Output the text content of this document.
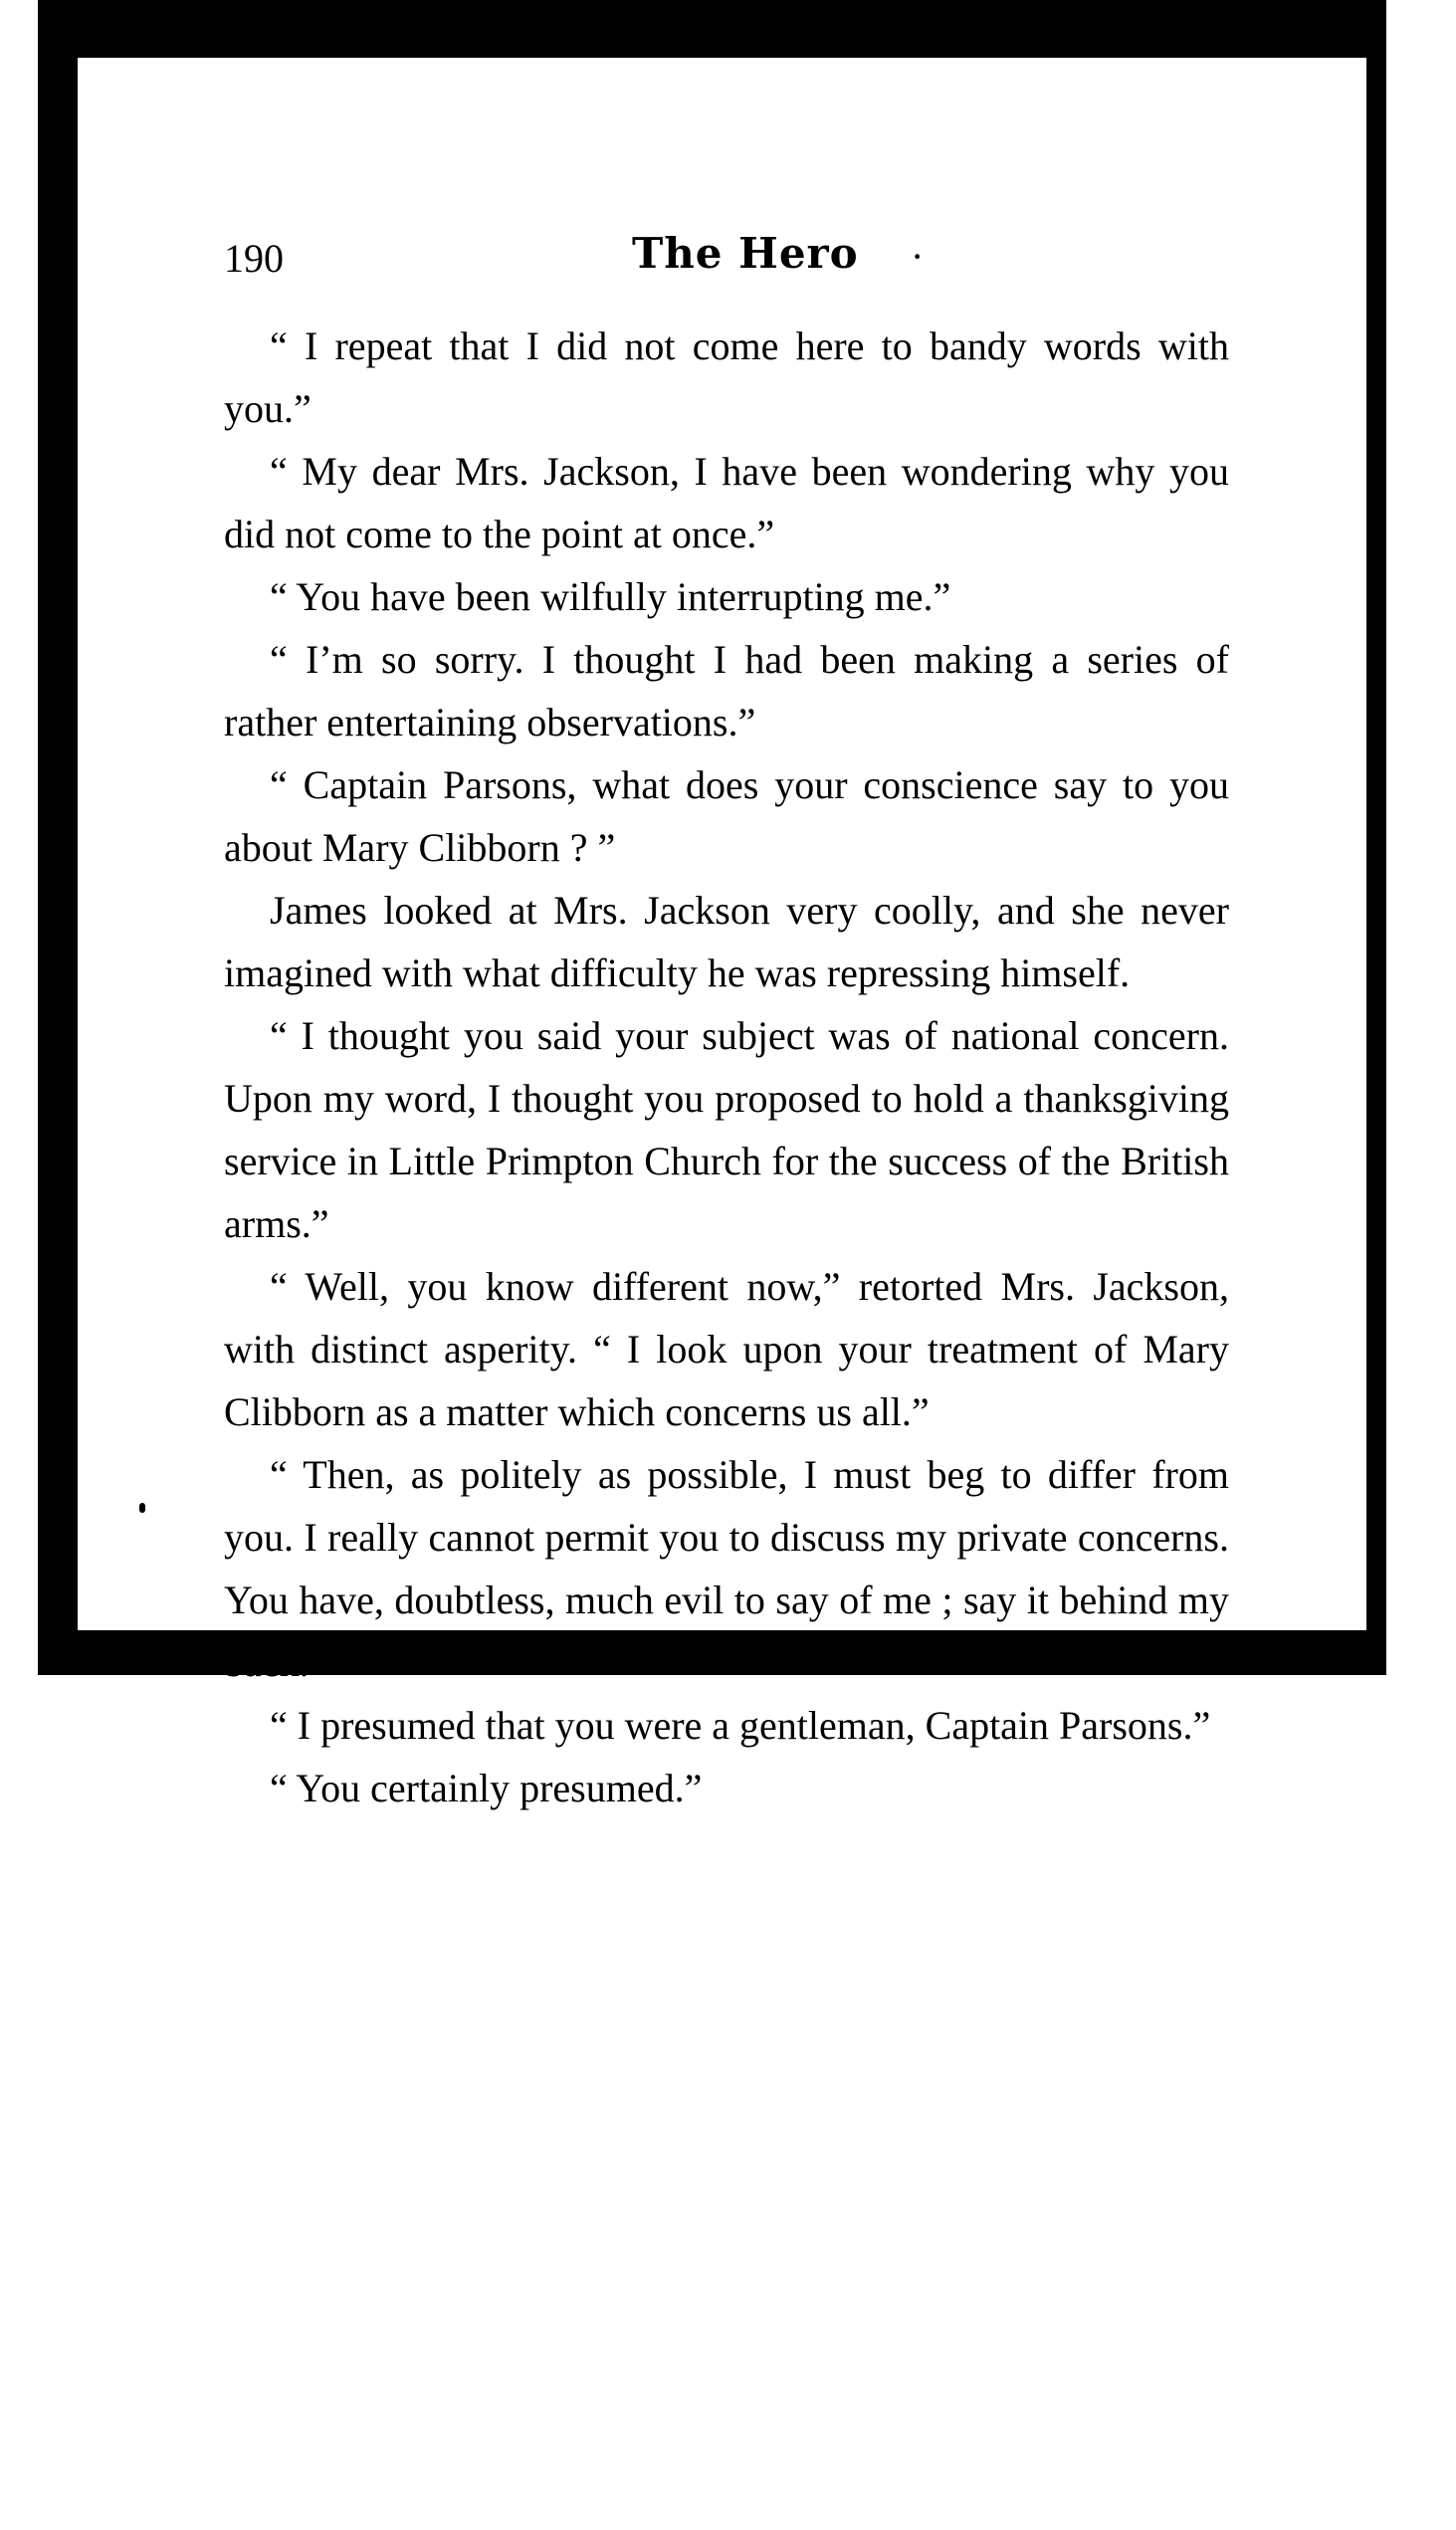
190	The Hero ·

“ I repeat that I did not come here to bandy words with you.”

“ My dear Mrs. Jackson, I have been wondering why you did not come to the point at once.”

“ You have been wilfully interrupting me.”

“ I’m so sorry. I thought I had been making a series of rather entertaining observations.”

“ Captain Parsons, what does your conscience say to you about Mary Clibborn ? ”

James looked at Mrs. Jackson very coolly, and she never imagined with what difficulty he was repressing himself.

“ I thought you said your subject was of national concern. Upon my word, I thought you proposed to hold a thanksgiving service in Little Primpton Church for the success of the British arms.”

“ Well, you know different now,” retorted Mrs. Jackson, with distinct asperity. “ I look upon your treatment of Mary Clibborn as a matter which concerns us all.”

“ Then, as politely as possible, I must beg to differ from you. I really cannot permit you to discuss my private concerns. You have, doubtless, much evil to say of me ; say it behind my back.”

“ I presumed that you were a gentleman, Captain Parsons.”

“ You certainly presumed.”
